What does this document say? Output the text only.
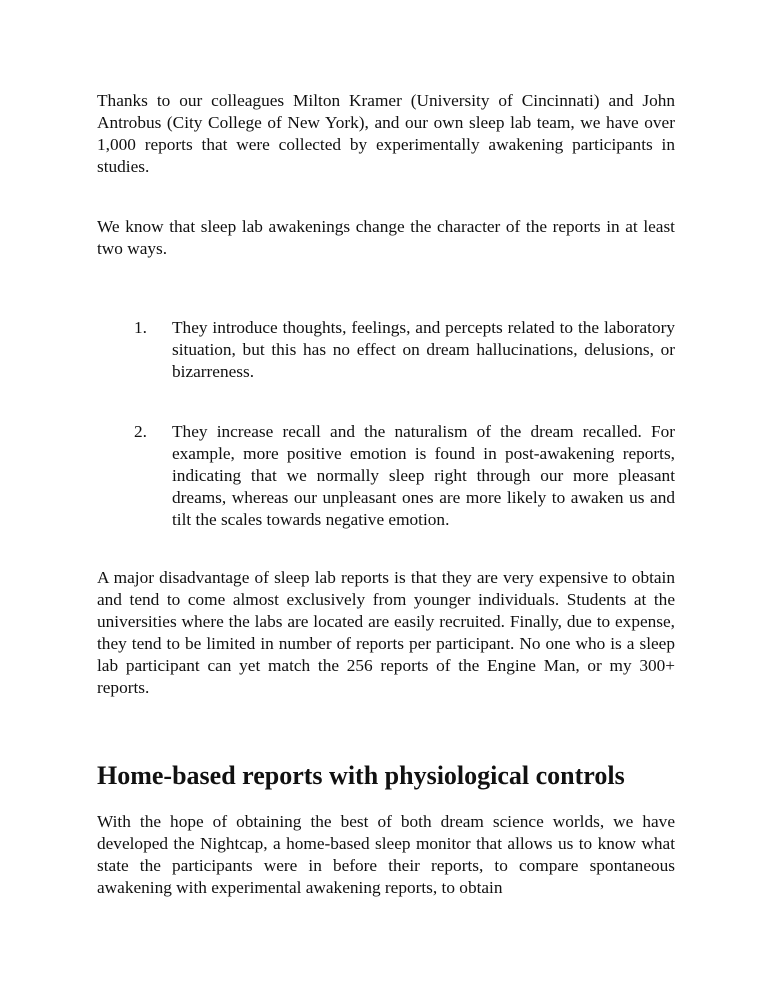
Thanks to our colleagues Milton Kramer (University of Cincinnati) and John Antrobus (City College of New York), and our own sleep lab team, we have over 1,000 reports that were collected by experimentally awakening participants in studies.

We know that sleep lab awakenings change the character of the reports in at least two ways.

1.	They introduce thoughts, feelings, and percepts related to the laboratory situation, but this has no effect on dream hallucinations, delusions, or bizarreness.

2.	They increase recall and the naturalism of the dream recalled. For example, more positive emotion is found in post-awakening reports, indicating that we normally sleep right through our more pleasant dreams, whereas our unpleasant ones are more likely to awaken us and tilt the scales towards negative emotion.

A major disadvantage of sleep lab reports is that they are very expensive to obtain and tend to come almost exclusively from younger individuals. Students at the universities where the labs are located are easily recruited. Finally, due to expense, they tend to be limited in number of reports per participant. No one who is a sleep lab participant can yet match the 256 reports of the Engine Man, or my 300+ reports.

Home-based reports with physiological controls

With the hope of obtaining the best of both dream science worlds, we have developed the Nightcap, a home-based sleep monitor that allows us to know what state the participants were in before their reports, to compare spontaneous awakening with experimental awakening reports, to obtain
